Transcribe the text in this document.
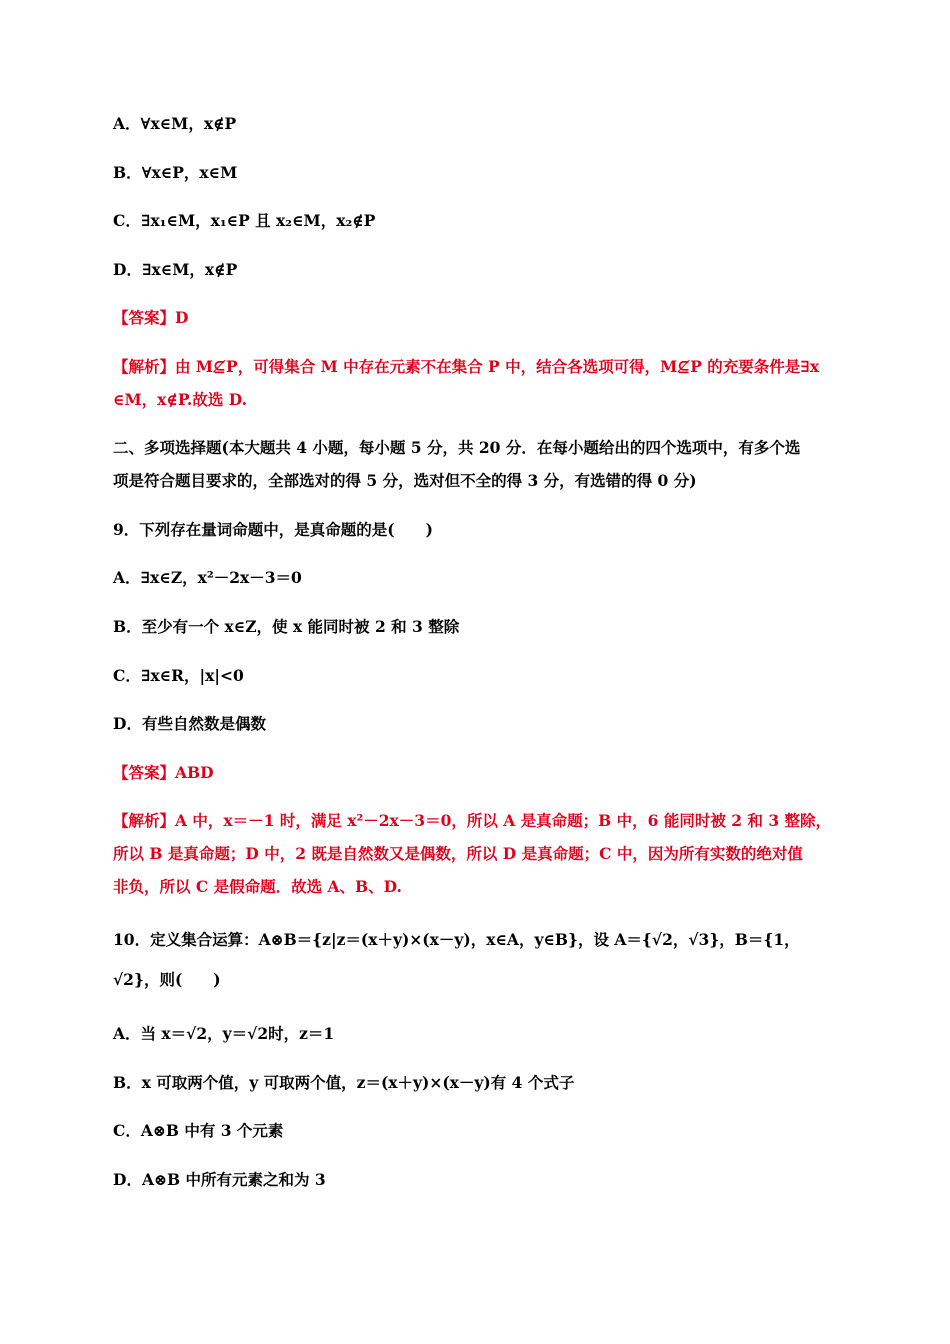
A．∀x∈M，x∉P
B．∀x∈P，x∈M
C．∃x₁∈M，x₁∈P 且 x₂∈M，x₂∉P
D．∃x∈M，x∉P
【答案】D
【解析】由 M⊈P，可得集合 M 中存在元素不在集合 P 中，结合各选项可得，M⊈P 的充要条件是∃x
∈M，x∉P.故选 D.
二、多项选择题(本大题共 4 小题，每小题 5 分，共 20 分．在每小题给出的四个选项中，有多个选
项是符合题目要求的，全部选对的得 5 分，选对但不全的得 3 分，有选错的得 0 分)
9．下列存在量词命题中，是真命题的是(　　)
A．∃x∈Z，x²－2x－3＝0
B．至少有一个 x∈Z，使 x 能同时被 2 和 3 整除
C．∃x∈R，|x|<0
D．有些自然数是偶数
【答案】ABD
【解析】A 中，x＝－1 时，满足 x²－2x－3＝0，所以 A 是真命题；B 中，6 能同时被 2 和 3 整除，
所以 B 是真命题；D 中，2 既是自然数又是偶数，所以 D 是真命题；C 中，因为所有实数的绝对值
非负，所以 C 是假命题．故选 A、B、D.
10．定义集合运算：A⊗B＝{z|z＝(x＋y)×(x－y)，x∈A，y∈B}，设 A＝{√2，√3}，B＝{1，
√2}，则(　　)
A．当 x＝√2，y＝√2时，z＝1
B．x 可取两个值，y 可取两个值，z＝(x＋y)×(x－y)有 4 个式子
C．A⊗B 中有 3 个元素
D．A⊗B 中所有元素之和为 3
